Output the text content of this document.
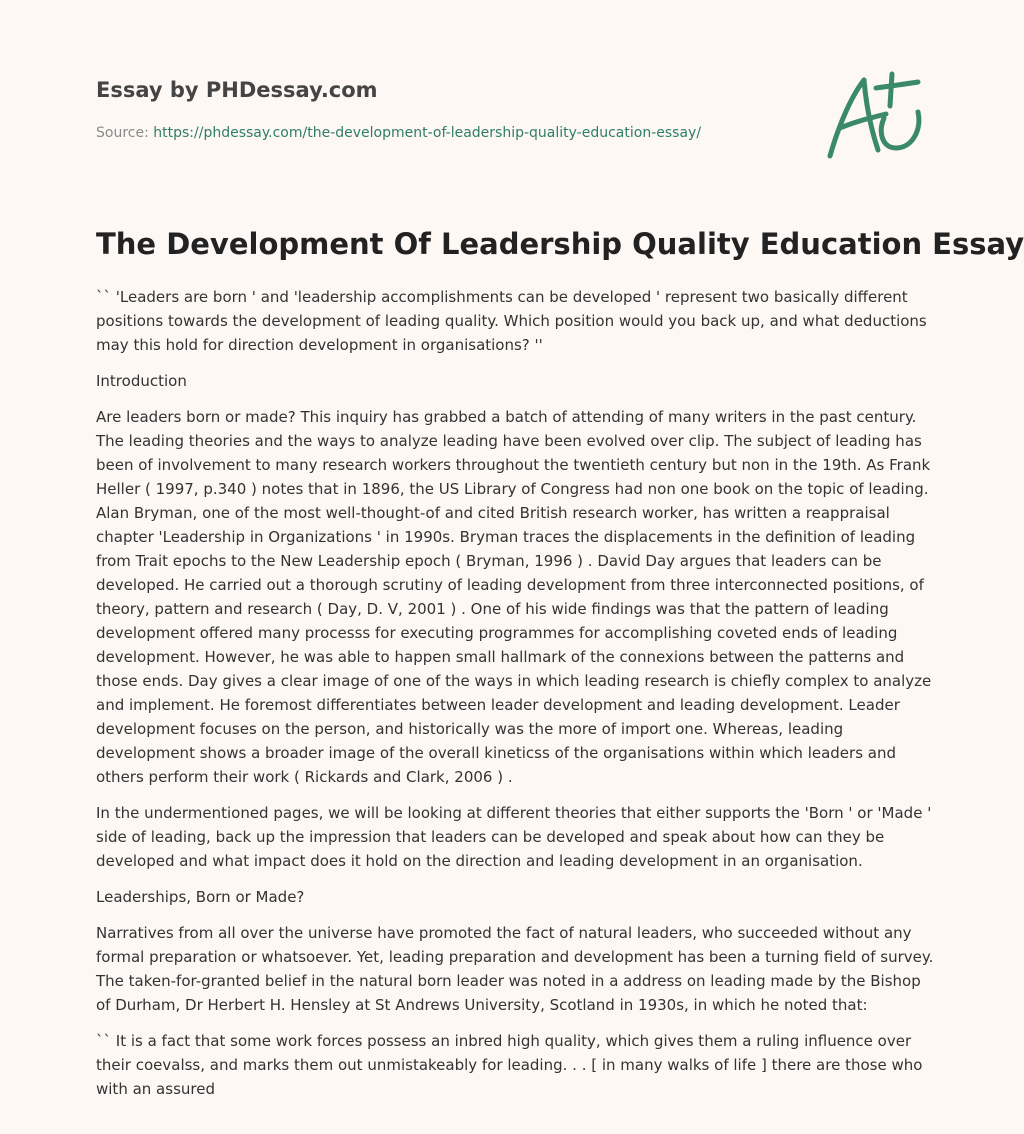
Essay by PHDessay.com
Source: https://phdessay.com/the-development-of-leadership-quality-education-essay/
The Development Of Leadership Quality Education Essay

`` 'Leaders are born ' and 'leadership accomplishments can be developed ' represent two basically different positions towards the development of leading quality. Which position would you back up, and what deductions may this hold for direction development in organisations? ''

Introduction

Are leaders born or made? This inquiry has grabbed a batch of attending of many writers in the past century. The leading theories and the ways to analyze leading have been evolved over clip. The subject of leading has been of involvement to many research workers throughout the twentieth century but non in the 19th. As Frank Heller ( 1997, p.340 ) notes that in 1896, the US Library of Congress had non one book on the topic of leading. Alan Bryman, one of the most well-thought-of and cited British research worker, has written a reappraisal chapter 'Leadership in Organizations ' in 1990s. Bryman traces the displacements in the definition of leading from Trait epochs to the New Leadership epoch ( Bryman, 1996 ) . David Day argues that leaders can be developed. He carried out a thorough scrutiny of leading development from three interconnected positions, of theory, pattern and research ( Day, D. V, 2001 ) . One of his wide findings was that the pattern of leading development offered many processs for executing programmes for accomplishing coveted ends of leading development. However, he was able to happen small hallmark of the connexions between the patterns and those ends. Day gives a clear image of one of the ways in which leading research is chiefly complex to analyze and implement. He foremost differentiates between leader development and leading development. Leader development focuses on the person, and historically was the more of import one. Whereas, leading development shows a broader image of the overall kineticss of the organisations within which leaders and others perform their work ( Rickards and Clark, 2006 ) .

In the undermentioned pages, we will be looking at different theories that either supports the 'Born ' or 'Made ' side of leading, back up the impression that leaders can be developed and speak about how can they be developed and what impact does it hold on the direction and leading development in an organisation.

Leaderships, Born or Made?

Narratives from all over the universe have promoted the fact of natural leaders, who succeeded without any formal preparation or whatsoever. Yet, leading preparation and development has been a turning field of survey. The taken-for-granted belief in the natural born leader was noted in a address on leading made by the Bishop of Durham, Dr Herbert H. Hensley at St Andrews University, Scotland in 1930s, in which he noted that:

`` It is a fact that some work forces possess an inbred high quality, which gives them a ruling influence over their coevalss, and marks them out unmistakeably for leading. . . [ in many walks of life ] there are those who with an assured
